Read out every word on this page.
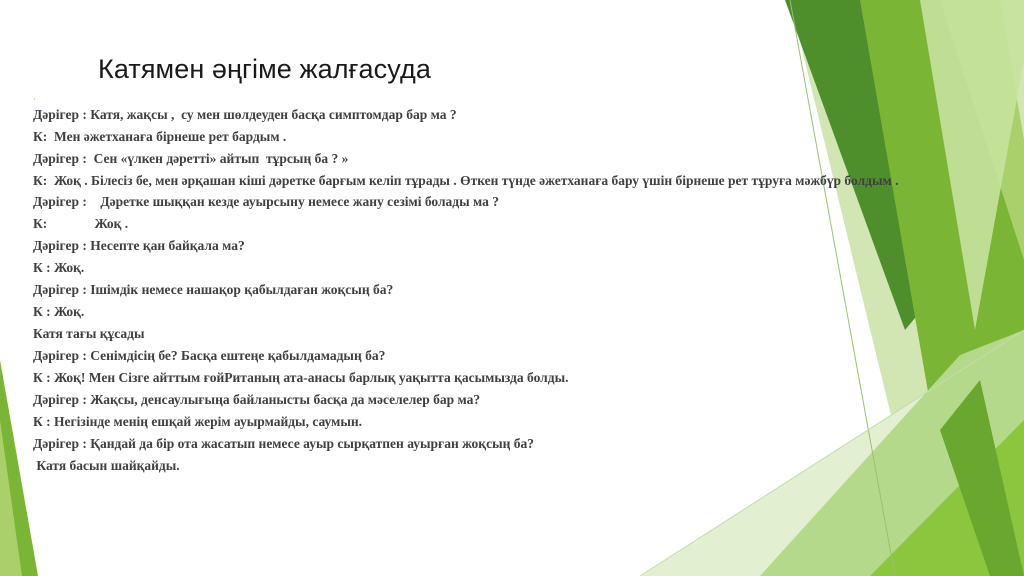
Катямен әңгіме жалғасуда
·
Дәрігер : Катя, жақсы ,  су мен шөлдеуден басқа симптомдар бар ма ?
К:  Мен әжетханаға бірнеше рет бардым .
Дәрігер :  Сен «үлкен дәретті» айтып  тұрсың ба ? »
К:  Жоқ . Білесіз бе, мен әрқашан кіші дәретке барғым келіп тұрады . Өткен түнде әжетханаға бару үшін бірнеше рет тұруға мәжбүр болдым .
Дәрігер :    Дәретке шыққан кезде ауырсыну немесе жану сезімі болады ма ?
К:              Жоқ .
Дәрігер : Несепте қан байқала ма?
К : Жоқ.
Дәрігер : Ішімдік немесе нашақор қабылдаған жоқсың ба?
К : Жоқ.
Катя тағы құсады
Дәрігер : Сенімдісің бе? Басқа ештеңе қабылдамадың ба?
К : Жоқ! Мен Сізге айттым ғойРитаның ата-анасы барлық уақытта қасымызда болды.
Дәрігер : Жақсы, денсаулығыңа байланысты басқа да мәселелер бар ма?
К : Негізінде менің ешқай жерім ауырмайды, саумын.
Дәрігер : Қандай да бір ота жасатып немесе ауыр сырқатпен ауырған жоқсың ба?
Катя басын шайқайды.
